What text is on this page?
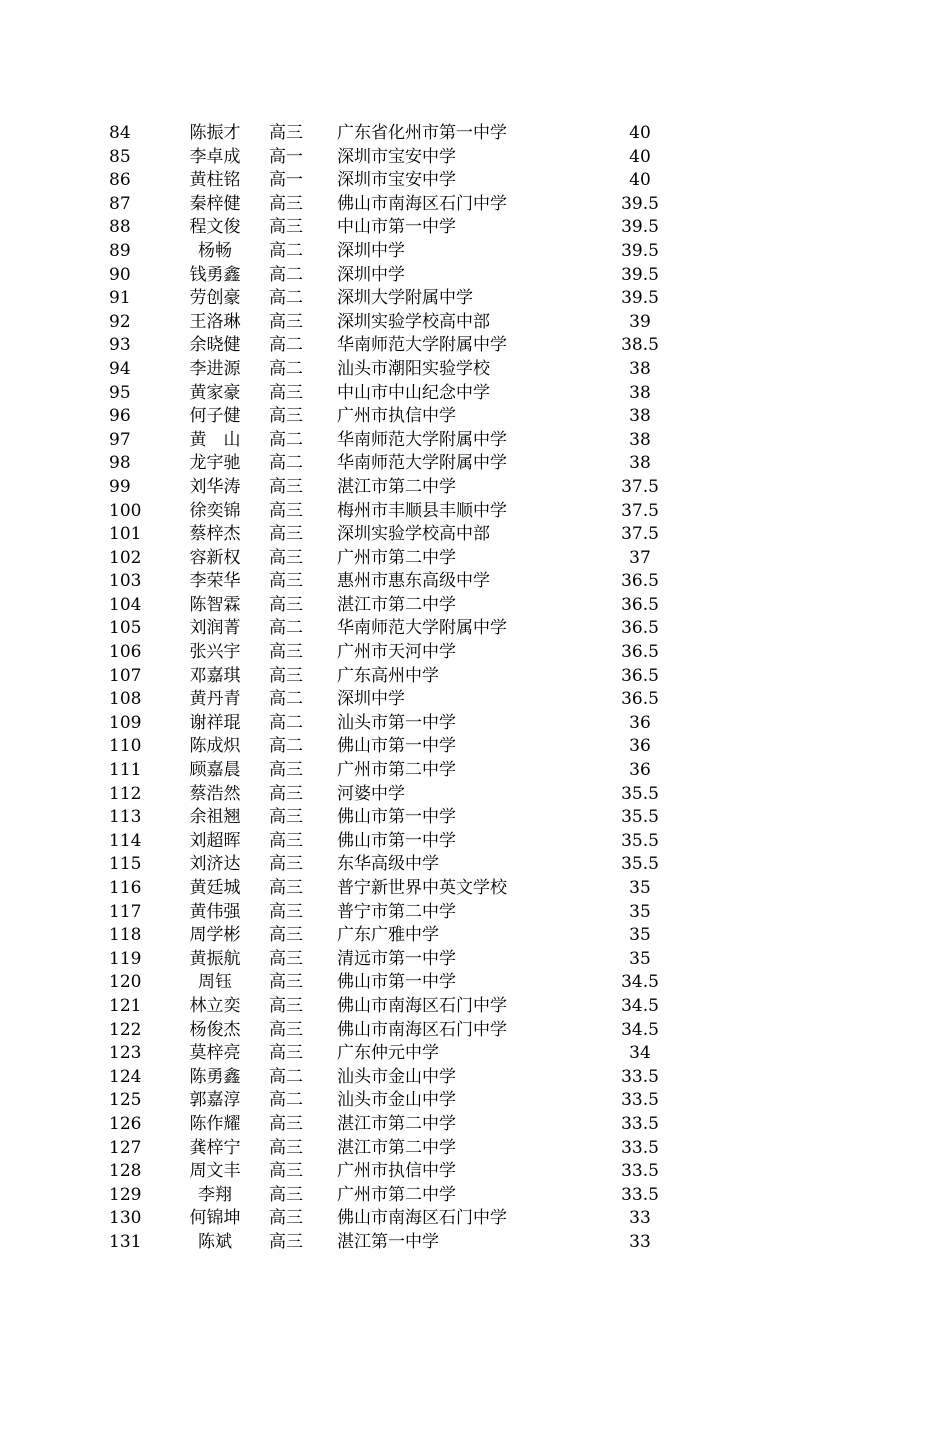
84	陈振才 高三 广东省化州市第一中学	40
85	李卓成 高一 深圳市宝安中学	40
86	黄柱铭 高一 深圳市宝安中学	40
87	秦梓健 高三 佛山市南海区石门中学	39.5
88	程文俊 高三 中山市第一中学	39.5
89	杨畅	高二 深圳中学	39.5
90	钱勇鑫 高二 深圳中学	39.5
91	劳创豪 高二 深圳大学附属中学	39.5
92	王洛琳 高三 深圳实验学校高中部	39
93	余晓健 高二 华南师范大学附属中学	38.5
94	李进源 高二 汕头市潮阳实验学校	38
95	黄家豪 高三 中山市中山纪念中学	38
96	何子健 高三 广州市执信中学	38
97	黄　山 高二 华南师范大学附属中学	38
98	龙宇驰 高二 华南师范大学附属中学	38
99	刘华涛 高三 湛江市第二中学	37.5
100	徐奕锦 高三 梅州市丰顺县丰顺中学	37.5
101	蔡梓杰 高三 深圳实验学校高中部	37.5
102	容新权 高三 广州市第二中学	37
103	李荣华 高三 惠州市惠东高级中学	36.5
104	陈智霖 高三 湛江市第二中学	36.5
105	刘润菁 高二 华南师范大学附属中学	36.5
106	张兴宇 高三 广州市天河中学	36.5
107	邓嘉琪 高三 广东高州中学	36.5
108	黄丹青 高二 深圳中学	36.5
109	谢祥琨 高二 汕头市第一中学	36
110	陈成炽 高二 佛山市第一中学	36
111	顾嘉晨 高三 广州市第二中学	36
112	蔡浩然 高三 河婆中学	35.5
113	余祖翘 高三 佛山市第一中学	35.5
114	刘超晖 高三 佛山市第一中学	35.5
115	刘济达 高三 东华高级中学	35.5
116	黄廷城 高三 普宁新世界中英文学校	35
117	黄伟强 高三 普宁市第二中学	35
118	周学彬 高三 广东广雅中学	35
119	黄振航 高三 清远市第一中学	35
120	周钰	高三 佛山市第一中学	34.5
121	林立奕 高三 佛山市南海区石门中学	34.5
122	杨俊杰 高三 佛山市南海区石门中学	34.5
123	莫梓亮 高三 广东仲元中学	34
124	陈勇鑫 高二 汕头市金山中学	33.5
125	郭嘉淳 高二 汕头市金山中学	33.5
126	陈作耀 高三 湛江市第二中学	33.5
127	龚梓宁 高三 湛江市第二中学	33.5
128	周文丰 高三 广州市执信中学	33.5
129	李翔	高三 广州市第二中学	33.5
130	何锦坤 高三 佛山市南海区石门中学	33
131	陈斌	高三 湛江第一中学	33
